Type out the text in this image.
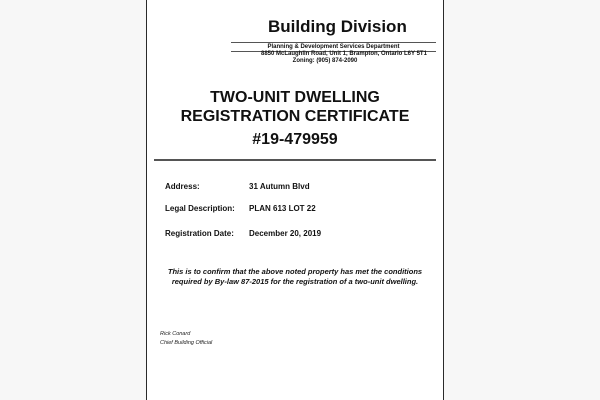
Building Division
Planning & Development Services Department
8850 McLaughlin Road, Unit 1, Brampton, Ontario L6Y 5T1
Zoning: (905) 874-2090
TWO-UNIT DWELLING
REGISTRATION CERTIFICATE
#19-479959
Address:	31 Autumn Blvd
Legal Description: PLAN 613 LOT 22
Registration Date: December 20, 2019
This is to confirm that the above noted property has met the conditions
required by By-law 87-2015 for the registration of a two-unit dwelling.
Rick Conard
Chief Building Official
